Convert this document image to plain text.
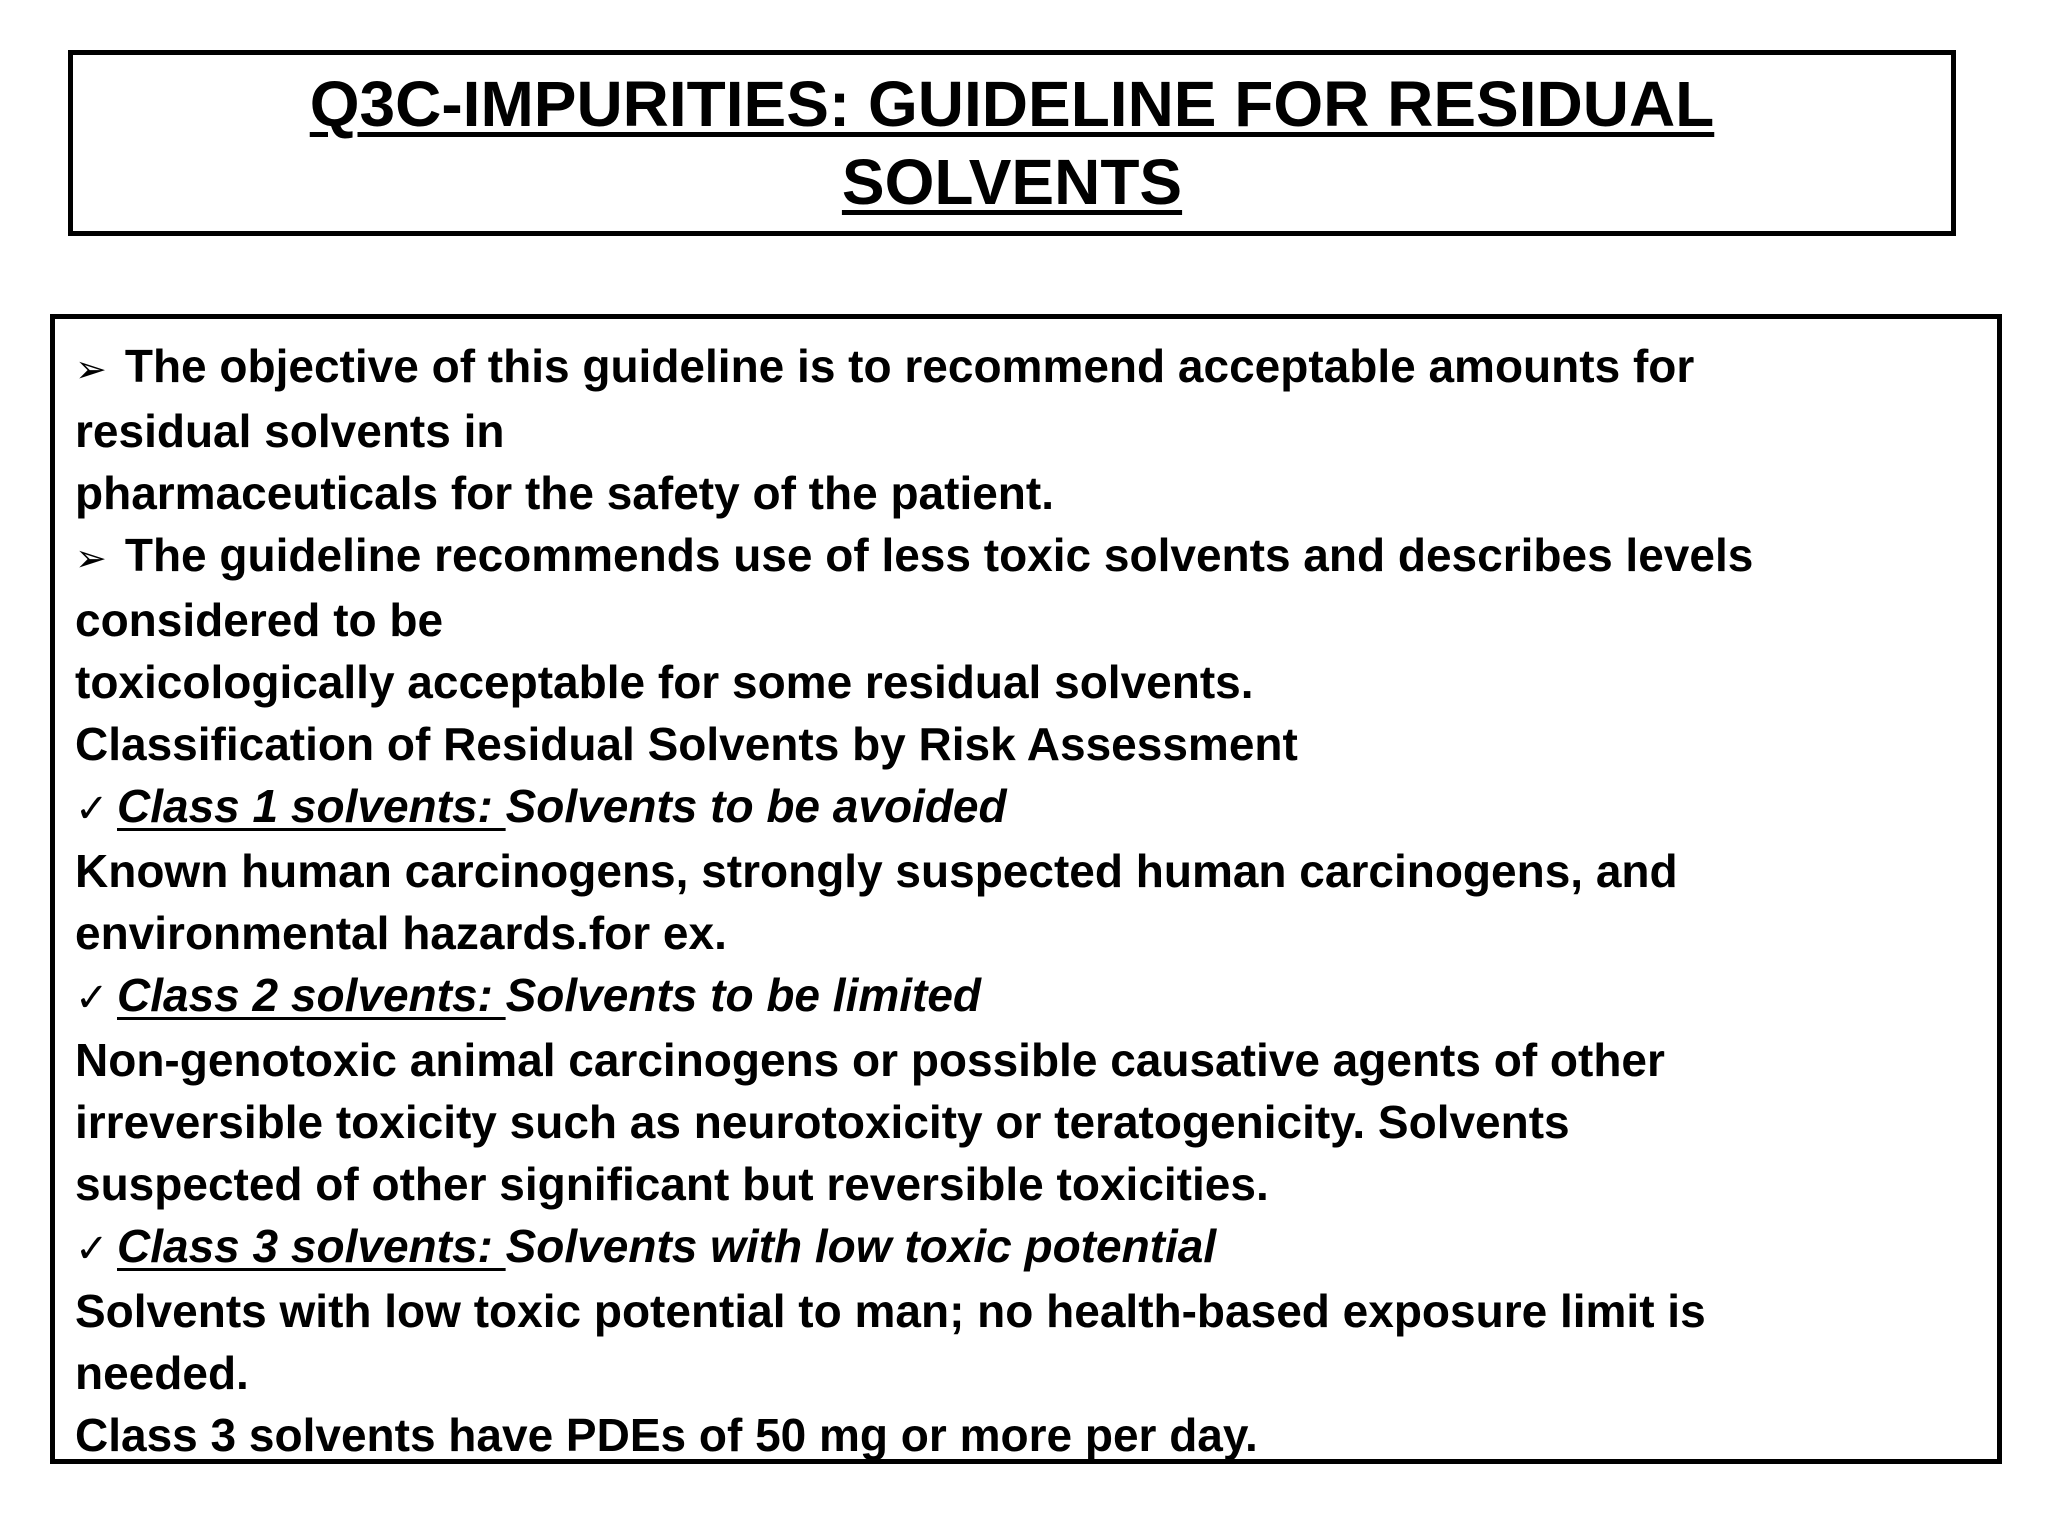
Q3C-IMPURITIES: GUIDELINE FOR RESIDUAL
SOLVENTS
➢ The objective of this guideline is to recommend acceptable amounts for
residual solvents in
pharmaceuticals for the safety of the patient.
➢ The guideline recommends use of less toxic solvents and describes levels
considered to be
toxicologically acceptable for some residual solvents.
Classification of Residual Solvents by Risk Assessment
✓ Class 1 solvents: Solvents to be avoided
Known human carcinogens, strongly suspected human carcinogens, and
environmental hazards.for ex.
✓ Class 2 solvents: Solvents to be limited
Non-genotoxic animal carcinogens or possible causative agents of other
irreversible toxicity such as neurotoxicity or teratogenicity. Solvents
suspected of other significant but reversible toxicities.
✓ Class 3 solvents: Solvents with low toxic potential
Solvents with low toxic potential to man; no health-based exposure limit is
needed.
Class 3 solvents have PDEs of 50 mg or more per day.
